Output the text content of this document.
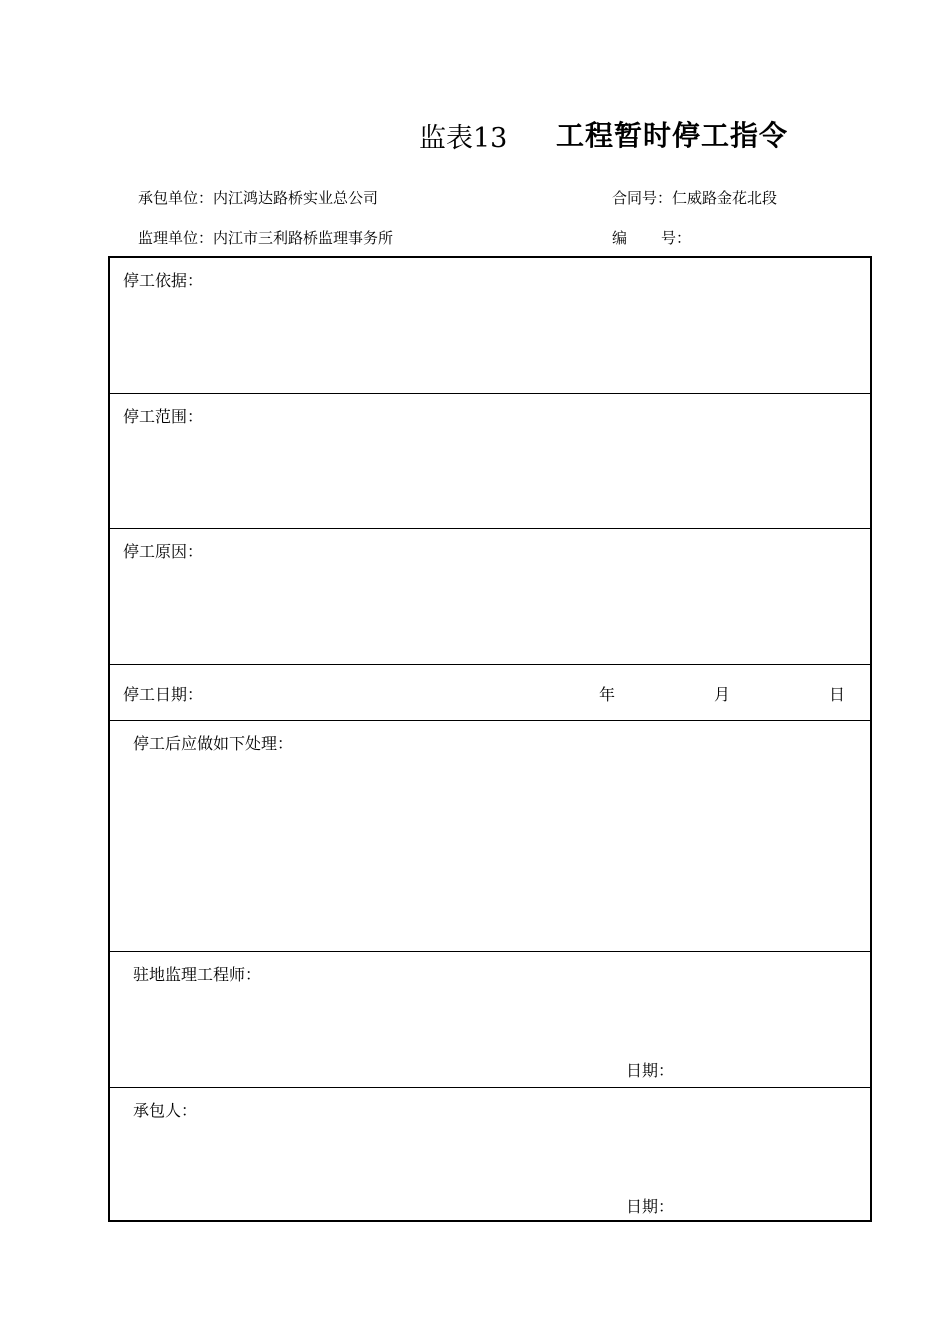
监表13 工程暂时停工指令
承包单位：内江鸿达路桥实业总公司	合同号：仁威路金花北段
监理单位：内江市三利路桥监理事务所	编 号：
停工依据：
停工范围：
停工原因：
停工日期：	年	月	日
停工后应做如下处理：
驻地监理工程师：
日期：
承包人：
日期：
